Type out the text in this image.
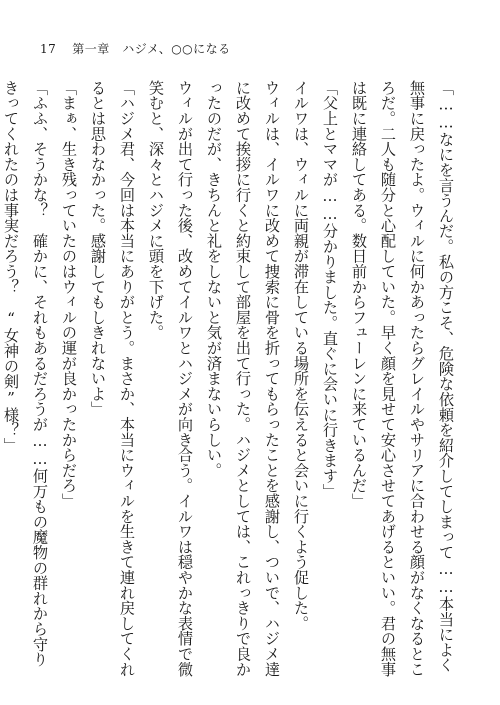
17 第一章　ハジメ、○○になる

「……なにを言うんだ。私の方こそ、危険な依頼を紹介してしまって……本当によく無事に戻ったよ。ウィルに何かあったらグレイルやサリアに合わせる顔がなくなるところだ。二人も随分と心配していた。早く顔を見せて安心させてあげるといい。君の無事は既に連絡してある。数日前からフューレンに来ているんだ」

「父上とママが……分かりました。直ぐに会いに行きます」

イルワは、ウィルに両親が滞在している場所を伝えると会いに行くよう促した。

ウィルは、イルワに改めて捜索に骨を折ってもらったことを感謝し、ついで、ハジメ達に改めて挨拶に行くと約束して部屋を出て行った。ハジメとしては、これっきりで良かったのだが、きちんと礼をしないと気が済まないらしい。

ウィルが出て行った後、改めてイルワとハジメが向き合う。イルワは穏やかな表情で微笑むと、深々とハジメに頭を下げた。

「ハジメ君、今回は本当にありがとう。まさか、本当にウィルを生きて連れ戻してくれるとは思わなかった。感謝してもしきれないよ」

「まぁ、生き残っていたのはウィルの運が良かったからだろ」

「ふふ、そうかな？　確かに、それもあるだろうが……何万もの魔物の群れから守りきってくれたのは事実だろう？　“女神の剣”様？」
